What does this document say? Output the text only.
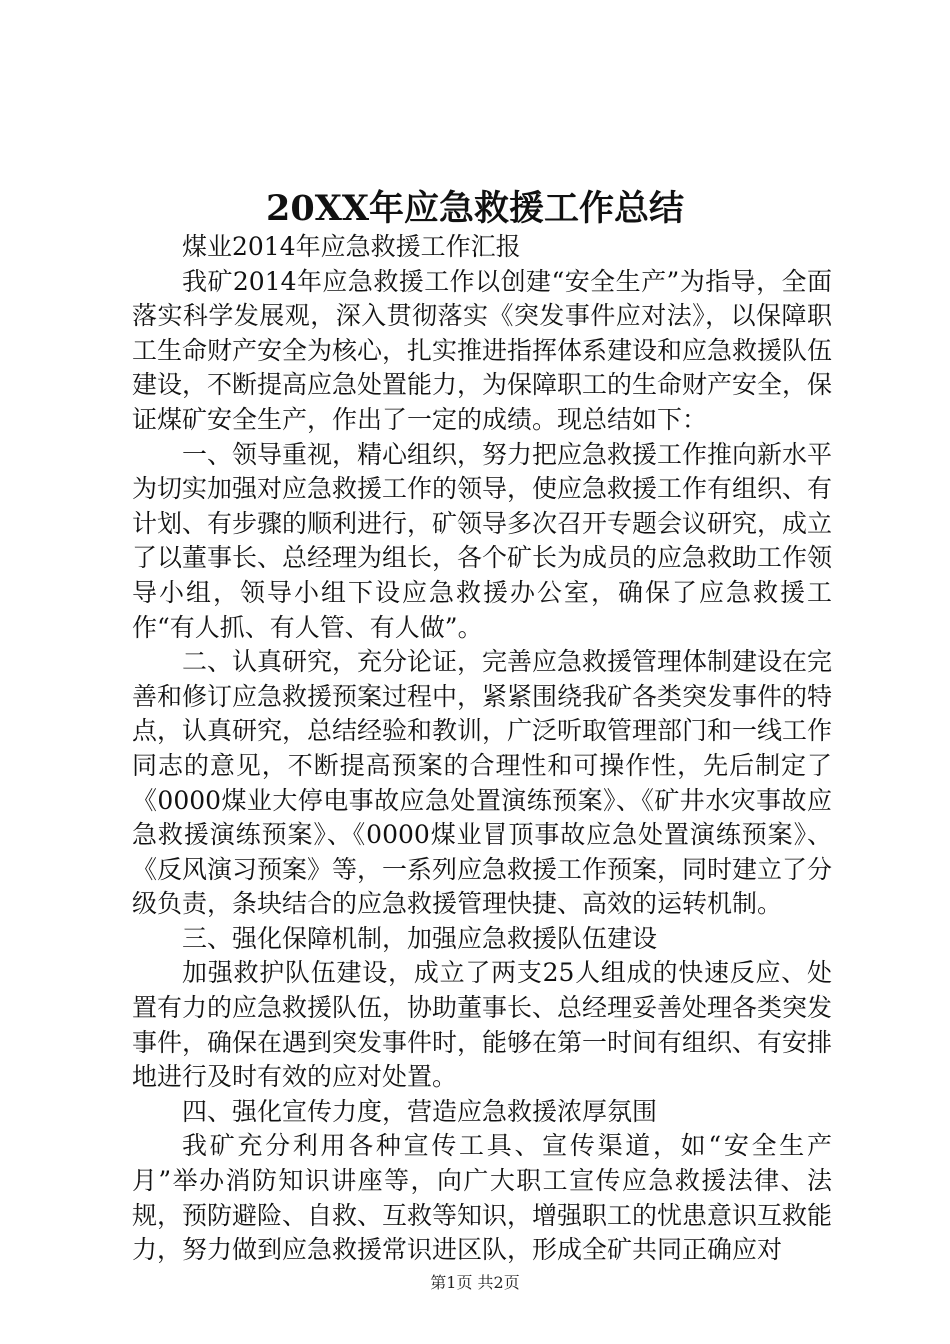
20XX年应急救援工作总结

煤业2014年应急救援工作汇报

我矿2014年应急救援工作以创建“安全生产”为指导，全面落实科学发展观，深入贯彻落实《突发事件应对法》，以保障职工生命财产安全为核心，扎实推进指挥体系建设和应急救援队伍建设，不断提高应急处置能力，为保障职工的生命财产安全，保证煤矿安全生产，作出了一定的成绩。现总结如下：

一、领导重视，精心组织，努力把应急救援工作推向新水平为切实加强对应急救援工作的领导，使应急救援工作有组织、有计划、有步骤的顺利进行，矿领导多次召开专题会议研究，成立了以董事长、总经理为组长，各个矿长为成员的应急救助工作领导小组，领导小组下设应急救援办公室，确保了应急救援工作“有人抓、有人管、有人做”。

二、认真研究，充分论证，完善应急救援管理体制建设在完善和修订应急救援预案过程中，紧紧围绕我矿各类突发事件的特点，认真研究，总结经验和教训，广泛听取管理部门和一线工作同志的意见，不断提高预案的合理性和可操作性，先后制定了《0000煤业大停电事故应急处置演练预案》、《矿井水灾事故应急救援演练预案》、《0000煤业冒顶事故应急处置演练预案》、《反风演习预案》等，一系列应急救援工作预案，同时建立了分级负责，条块结合的应急救援管理快捷、高效的运转机制。

三、强化保障机制，加强应急救援队伍建设

加强救护队伍建设，成立了两支25人组成的快速反应、处置有力的应急救援队伍，协助董事长、总经理妥善处理各类突发事件，确保在遇到突发事件时，能够在第一时间有组织、有安排地进行及时有效的应对处置。

四、强化宣传力度，营造应急救援浓厚氛围

我矿充分利用各种宣传工具、宣传渠道，如“安全生产月”举办消防知识讲座等，向广大职工宣传应急救援法律、法规，预防避险、自救、互救等知识，增强职工的忧患意识互救能力，努力做到应急救援常识进区队，形成全矿共同正确应对

第1页 共2页
